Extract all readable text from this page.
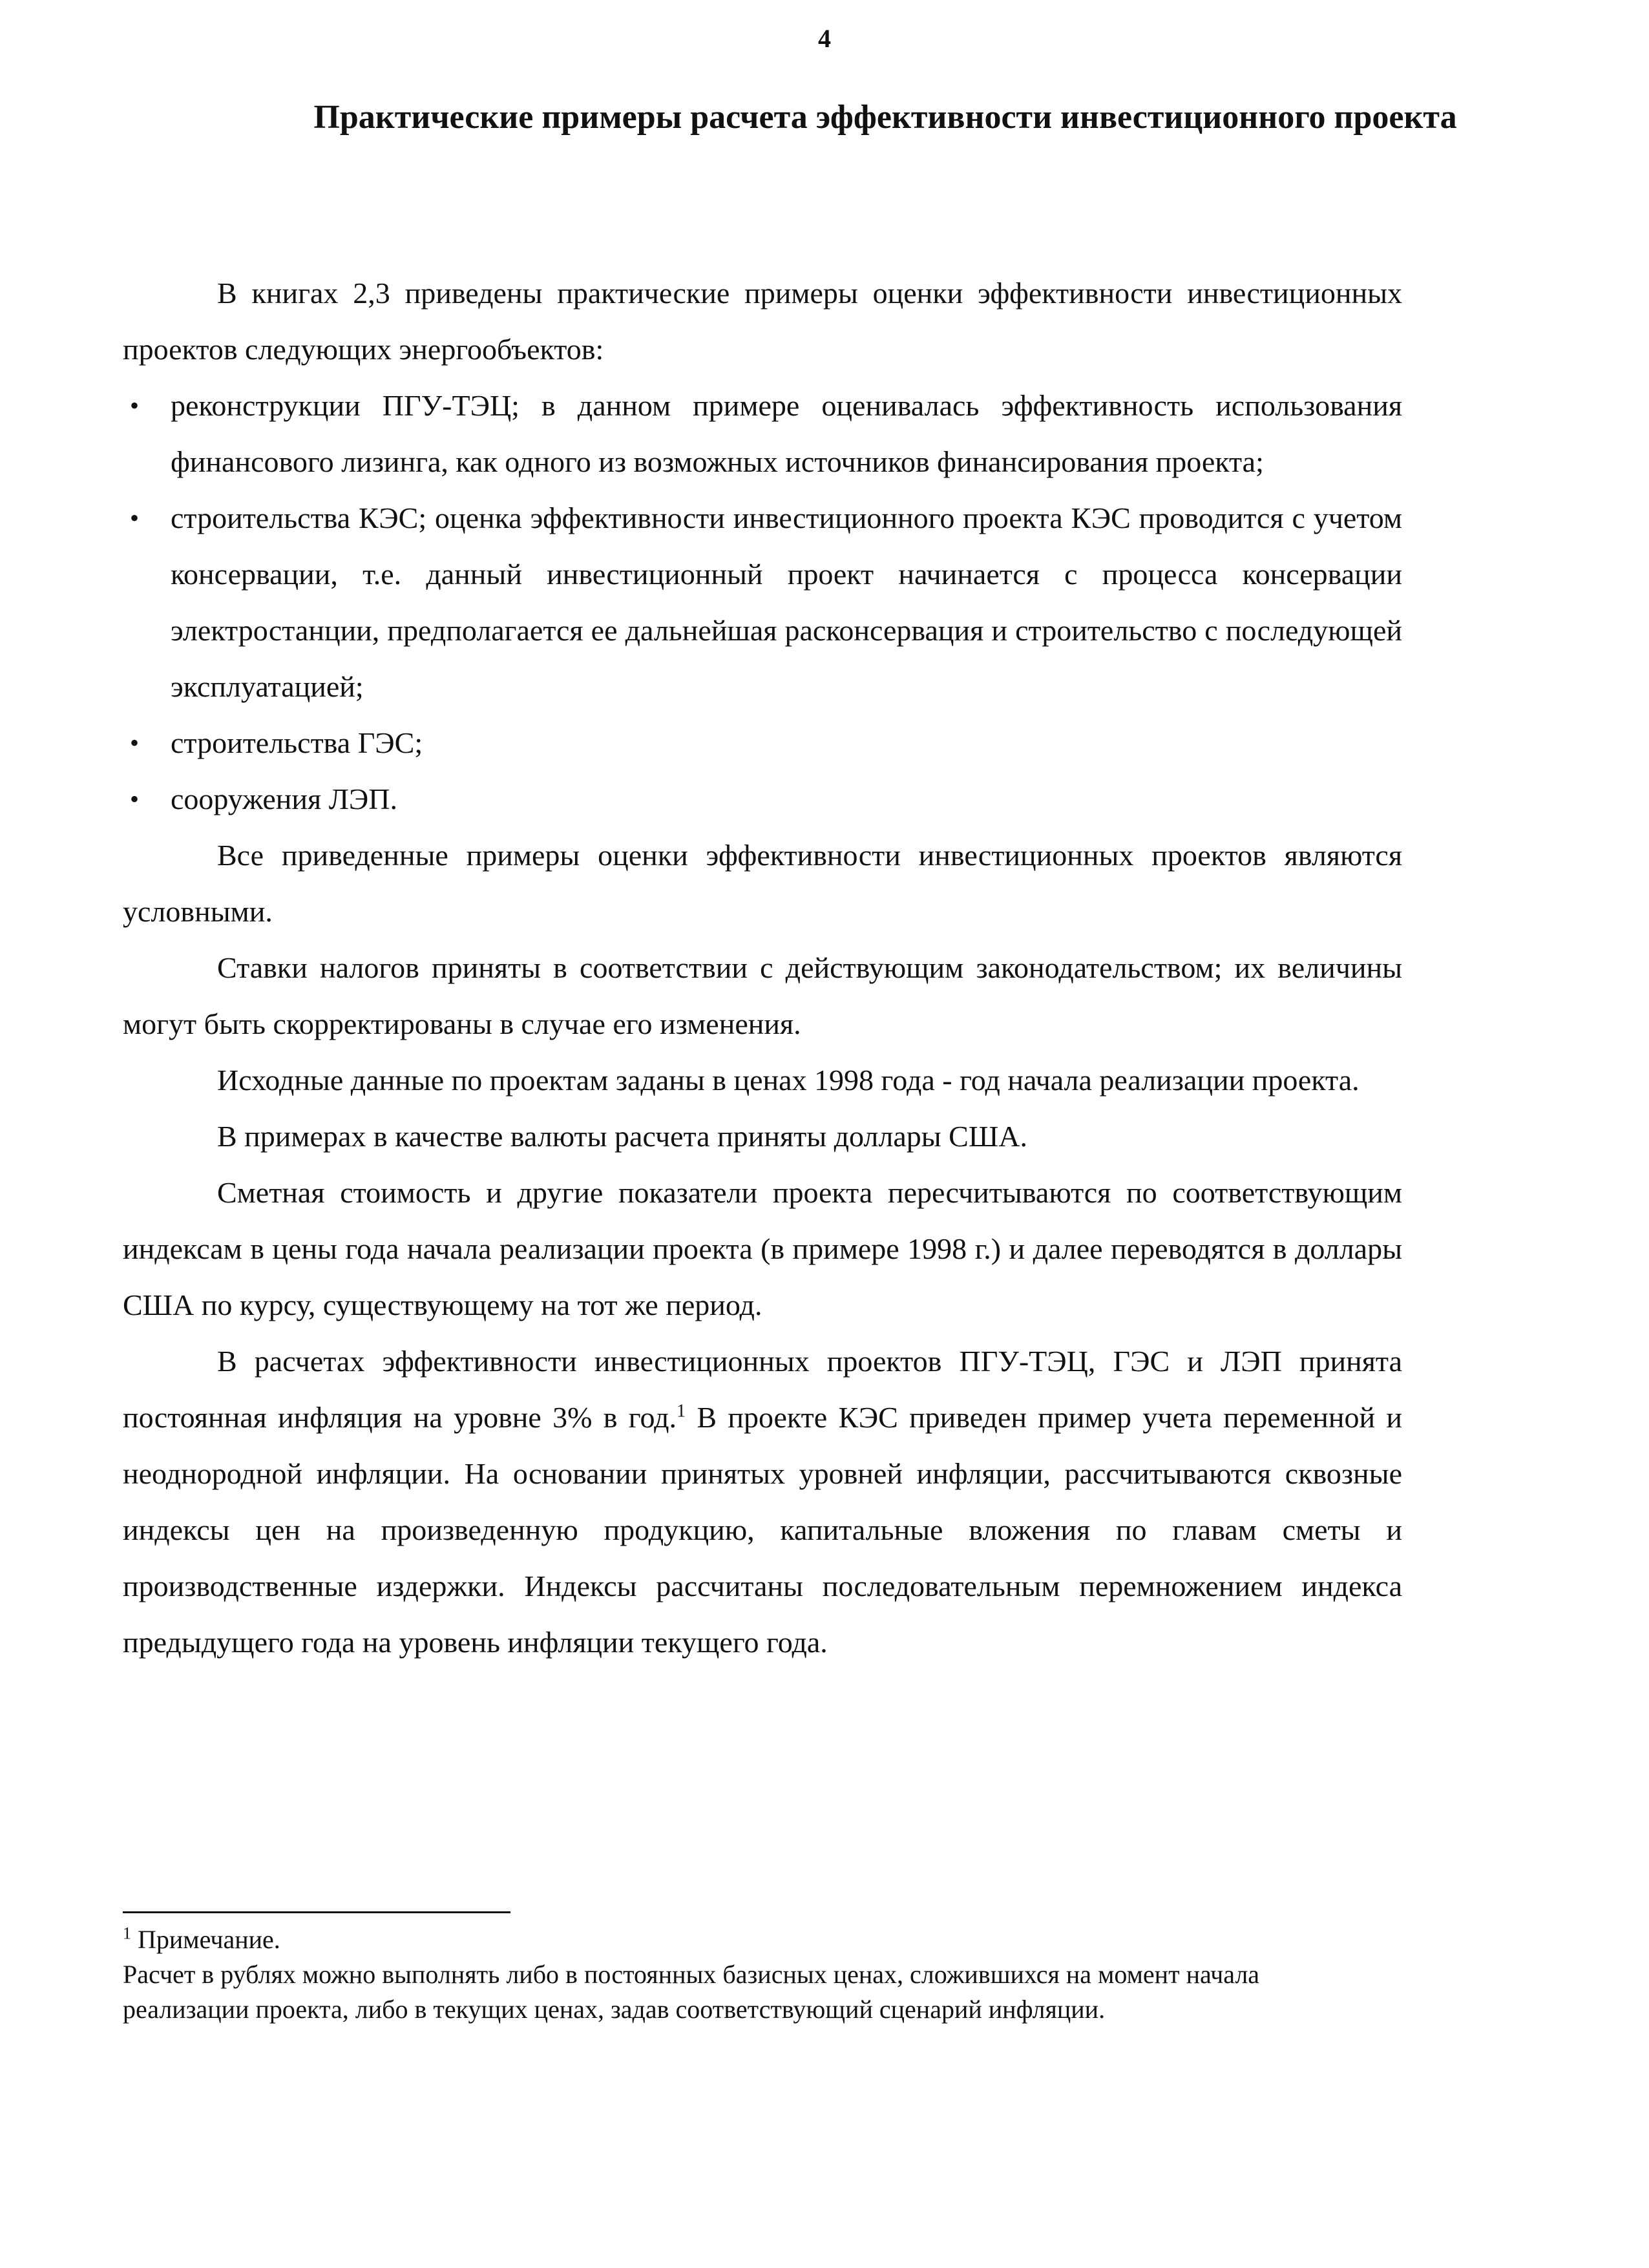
4
Практические примеры расчета эффективности инвестиционного проекта

В книгах 2,3 приведены практические примеры оценки эффективности инвестиционных проектов следующих энергообъектов:

• реконструкции ПГУ-ТЭЦ; в данном примере оценивалась эффективность использования финансового лизинга, как одного из возможных источников финансирования проекта;
• строительства КЭС; оценка эффективности инвестиционного проекта КЭС проводится с учетом консервации, т.е. данный инвестиционный проект начинается с процесса консервации электростанции, предполагается ее дальнейшая расконсервация и строительство с последующей эксплуатацией;
• строительства ГЭС;
• сооружения ЛЭП.

Все приведенные примеры оценки эффективности инвестиционных проектов являются условными.

Ставки налогов приняты в соответствии с действующим законодательством; их величины могут быть скорректированы в случае его изменения.

Исходные данные по проектам заданы в ценах 1998 года - год начала реализации проекта.

В примерах в качестве валюты расчета приняты доллары США.

Сметная стоимость и другие показатели проекта пересчитываются по соответствующим индексам в цены года начала реализации проекта (в примере 1998 г.) и далее переводятся в доллары США по курсу, существующему на тот же период.

В расчетах эффективности инвестиционных проектов ПГУ-ТЭЦ, ГЭС и ЛЭП принята постоянная инфляция на уровне 3% в год.$^1$ В проекте КЭС приведен пример учета переменной и неоднородной инфляции. На основании принятых уровней инфляции, рассчитываются сквозные индексы цен на произведенную продукцию, капитальные вложения по главам сметы и производственные издержки. Индексы рассчитаны последовательным перемножением индекса предыдущего года на уровень инфляции текущего года.

$^1$ Примечание.

Расчет в рублях можно выполнять либо в постоянных базисных ценах, сложившихся на момент начала реализации проекта, либо в текущих ценах, задав соответствующий сценарий инфляции.
